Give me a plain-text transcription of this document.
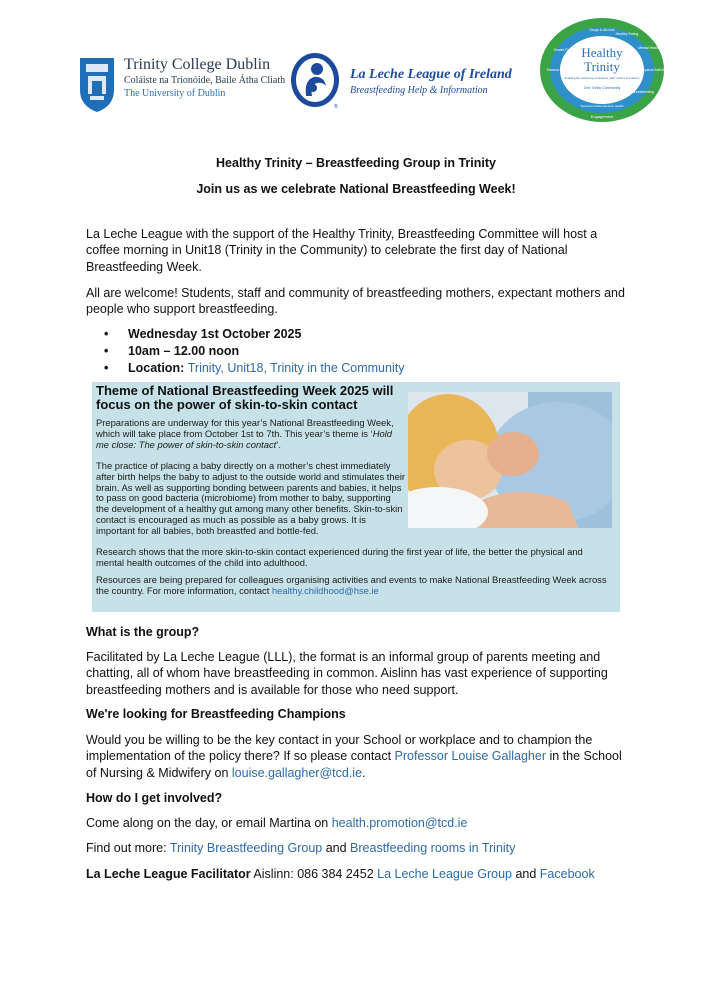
Trinity College Dublin
Coláiste na Tríonóide, Baile Átha Cliath
The University of Dublin
®
La Leche League of Ireland
Breastfeeding Help & Information
Healthy
Trinity
Enabling the well-being of students, staff, visitors and alumni
One Trinity Community
Drugs & Alcohol
Healthy Eating
Mental Health
Physical Activity
Breastfeeding
Sexual and Reproductive Health
Tobacco
Smoke Free
Engagement
Healthy Trinity – Breastfeeding Group in Trinity
Join us as we celebrate National Breastfeeding Week!

La Leche League with the support of the Healthy Trinity, Breastfeeding Committee will host a coffee morning in Unit18 (Trinity in the Community) to celebrate the first day of National Breastfeeding Week.

All are welcome! Students, staff and community of breastfeeding mothers, expectant mothers and people who support breastfeeding.

• Wednesday 1st October 2025
• 10am – 12.00 noon
• Location: Trinity, Unit18, Trinity in the Community
Theme of National Breastfeeding Week 2025 will focus on the power of skin-to-skin contact
Preparations are underway for this year’s National Breastfeeding Week, which will take place from October 1st to 7th. This year’s theme is ‘Hold me close: The power of skin-to-skin contact’.
The practice of placing a baby directly on a mother’s chest immediately after birth helps the baby to adjust to the outside world and stimulates their brain. As well as supporting bonding between parents and babies, it helps to pass on good bacteria (microbiome) from mother to baby, supporting the development of a healthy gut among many other benefits. Skin-to-skin contact is encouraged as much as possible as a baby grows. It is important for all babies, both breastfed and bottle-fed.
Research shows that the more skin-to-skin contact experienced during the first year of life, the better the physical and mental health outcomes of the child into adulthood.
Resources are being prepared for colleagues organising activities and events to make National Breastfeeding Week across the country. For more information, contact healthy.childhood@hse.ie
What is the group?
Facilitated by La Leche League (LLL), the format is an informal group of parents meeting and chatting, all of whom have breastfeeding in common. Aislinn has vast experience of supporting breastfeeding mothers and is available for those who need support.
We're looking for Breastfeeding Champions
Would you be willing to be the key contact in your School or workplace and to champion the implementation of the policy there? If so please contact Professor Louise Gallagher in the School of Nursing & Midwifery on louise.gallagher@tcd.ie.
How do I get involved?
Come along on the day, or email Martina on health.promotion@tcd.ie
Find out more: Trinity Breastfeeding Group and Breastfeeding rooms in Trinity
La Leche League Facilitator Aislinn: 086 384 2452 La Leche League Group and Facebook
